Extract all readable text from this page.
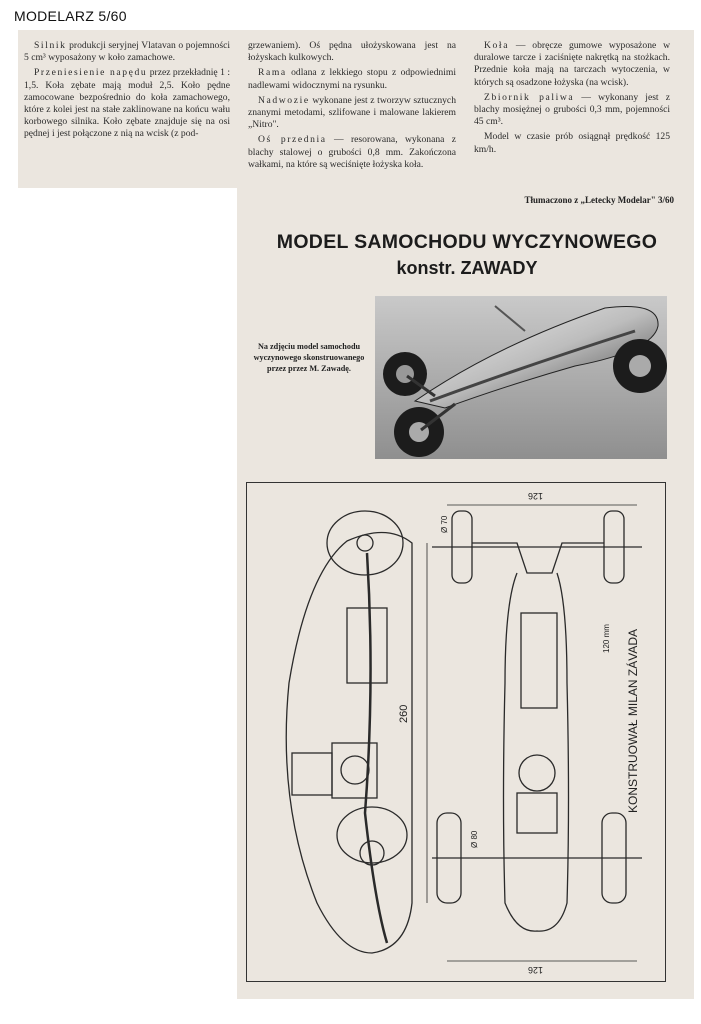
MODELARZ 5/60

Silnik produkcji seryjnej Vlatavan o pojemności 5 cm³ wyposażony w koło zamachowe.

Przeniesienie napędu przez przekładnię 1 : 1,5. Koła zębate mają moduł 2,5. Koło pędne zamocowane bezpośrednio do koła zamachowego, które z kolei jest na stałe zaklinowane na końcu wału korbowego silnika. Koło zębate znajduje się na osi pędnej i jest połączone z nią na wcisk (z pod-

grzewaniem). Oś pędna ułożyskowana jest na łożyskach kulkowych.

Rama odlana z lekkiego stopu z odpowiednimi nadlewami widocznymi na rysunku.

Nadwozie wykonane jest z tworzyw sztucznych znanymi metodami, szlifowane i malowane lakierem „Nitro".

Oś przednia — resorowana, wykonana z blachy stalowej o grubości 0,8 mm. Zakończona wałkami, na które są weciśnięte łożyska koła.

Koła — obręcze gumowe wyposażone w duralowe tarcze i zaciśnięte nakrętką na stożkach. Przednie koła mają na tarczach wytoczenia, w których są osadzone łożyska (na wcisk).

Zbiornik paliwa — wykonany jest z blachy mosiężnej o grubości 0,3 mm, pojemności 45 cm³.

Model w czasie prób osiągnął prędkość 125 km/h.

Tłumaczono z „Letecky Modelar" 3/60
MODEL SAMOCHODU WYCZYNOWEGO
konstr. ZAWADY
Na zdjęciu model samochodu wyczynowego skonstruowanego przez przez M. Zawadę.
260
126
126
Ø 70
Ø 80
120 mm KONSTRUOWAŁ MILAN ZÁVADA
